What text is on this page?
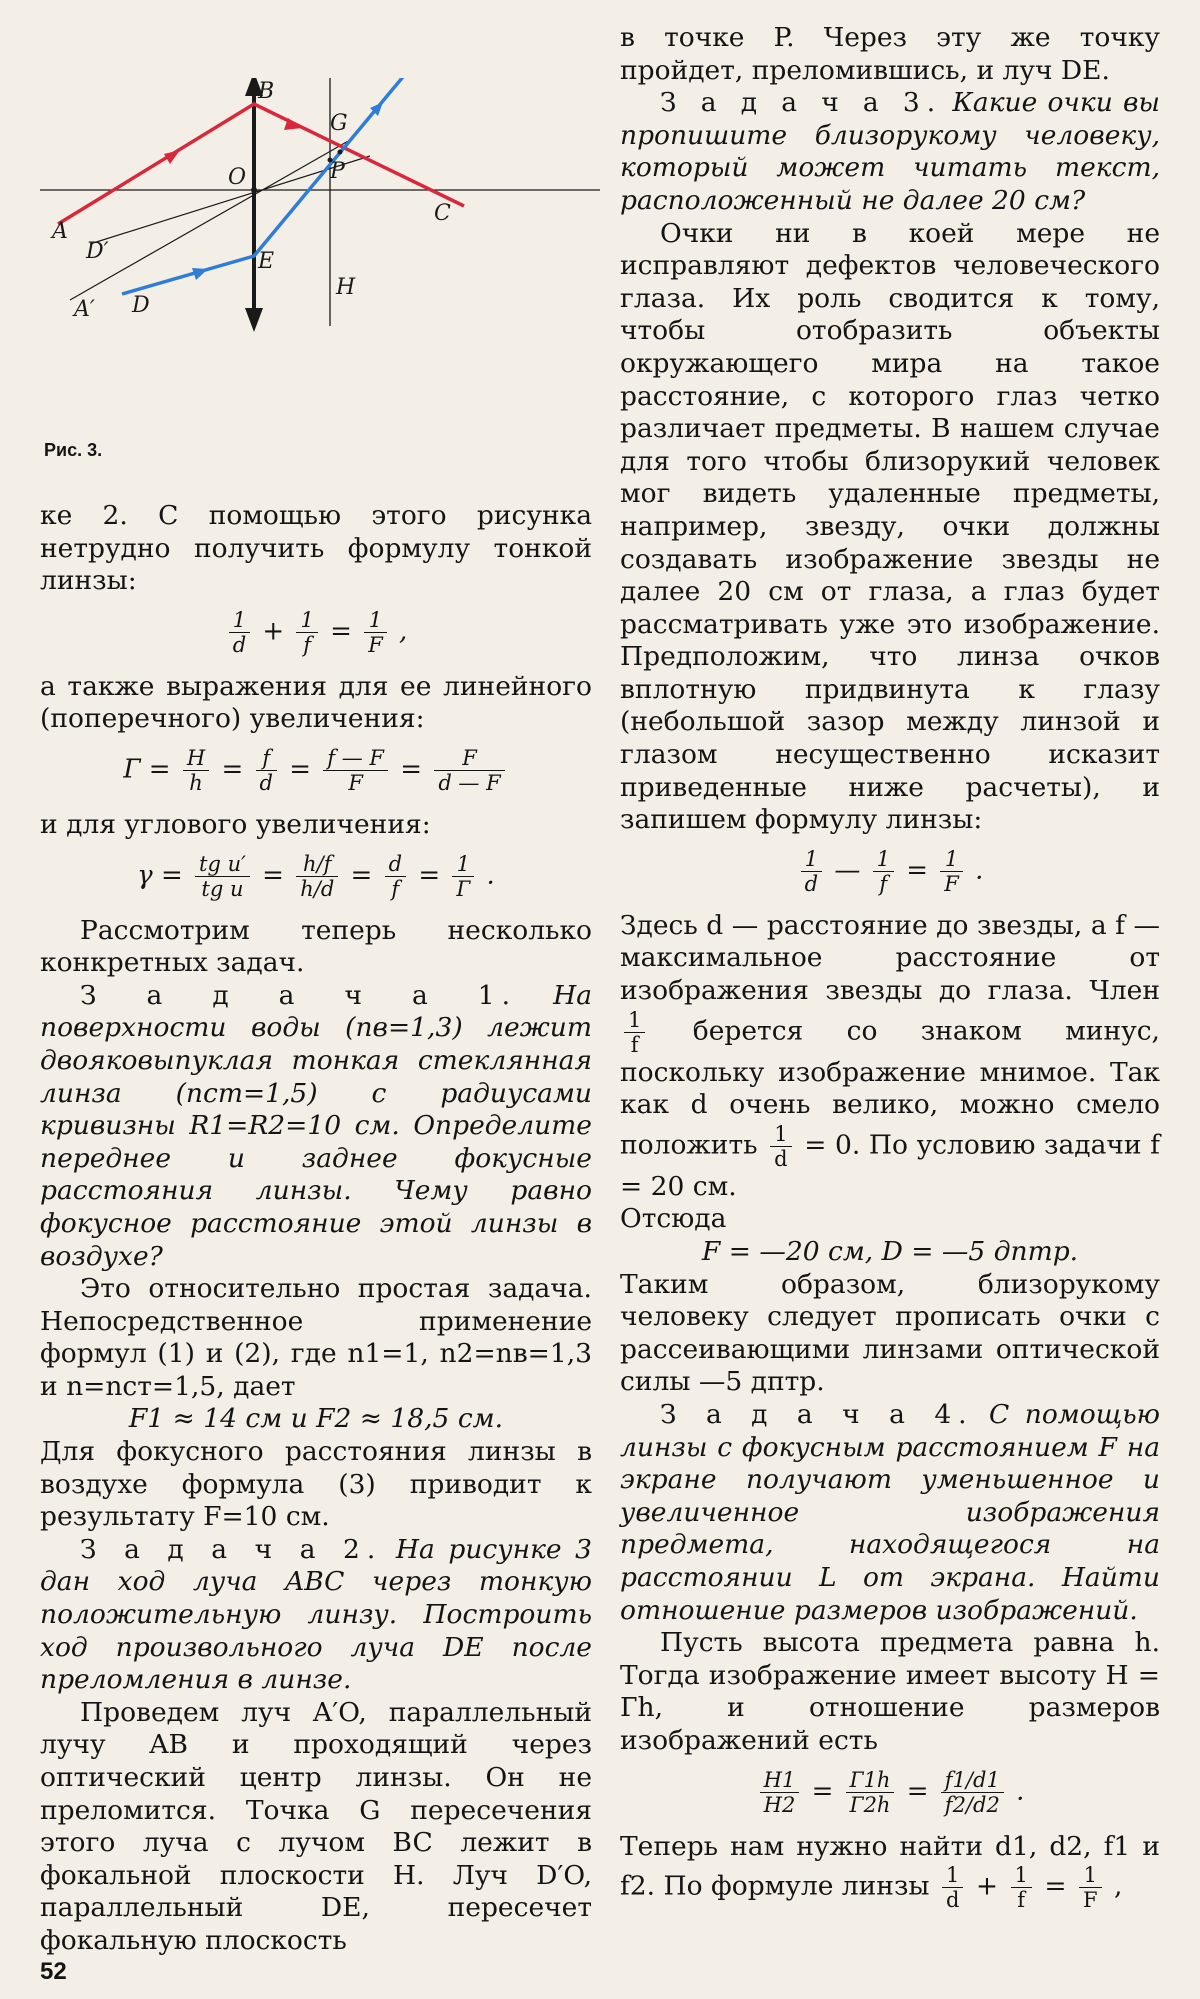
A
B
C
D
D′
A′
O
G
P
E
H
Рис. 3.

ке 2. С помощью этого рисунка нетрудно получить формулу тонкой линзы:

$\frac{1}{d} + \frac{1}{f} = \frac{1}{F}$ ,

а также выражения для ее линейного (поперечного) увеличения:

$Г = \frac{H}{h} = \frac{f}{d} = \frac{f — F}{F} = \frac{F}{d — F}$

и для углового увеличения:

$\gamma = \frac{\text{tg u′}}{\text{tg u}} = \frac{h/f}{h/d} = \frac{d}{f} = \frac{1}{Г}$ .

Рассмотрим теперь несколько конкретных задач.

З а д а ч а 1. На поверхности воды (nв=1,3) лежит двояковыпуклая тонкая стеклянная линза (nст=1,5) с радиусами кривизны R1=R2=10 см. Определите переднее и заднее фокусные расстояния линзы. Чему равно фокусное расстояние этой линзы в воздухе?

Это относительно простая задача. Непосредственное применение формул (1) и (2), где n1=1, n2=nв=1,3 и n=nст=1,5, дает

F1 ≈ 14 см и F2 ≈ 18,5 см.

Для фокусного расстояния линзы в воздухе формула (3) приводит к результату F=10 см.

З а д а ч а 2. На рисунке 3 дан ход луча ABC через тонкую положительную линзу. Построить ход произвольного луча DE после преломления в линзе.

Проведем луч A′O, параллельный лучу AB и проходящий через оптический центр линзы. Он не преломится. Точка G пересечения этого луча с лучом BC лежит в фокальной плоскости H. Луч D′O, параллельный DE, пересечет фокальную плоскость

в точке P. Через эту же точку пройдет, преломившись, и луч DE.

З а д а ч а 3. Какие очки вы пропишите близорукому человеку, который может читать текст, расположенный не далее 20 см?

Очки ни в коей мере не исправляют дефектов человеческого глаза. Их роль сводится к тому, чтобы отобразить объекты окружающего мира на такое расстояние, с которого глаз четко различает предметы. В нашем случае для того чтобы близорукий человек мог видеть удаленные предметы, например, звезду, очки должны создавать изображение звезды не далее 20 см от глаза, а глаз будет рассматривать уже это изображение. Предположим, что линза очков вплотную придвинута к глазу (небольшой зазор между линзой и глазом несущественно исказит приведенные ниже расчеты), и запишем формулу линзы:

$\frac{1}{d}$ — $\frac{1}{f} = \frac{1}{F}$ .

Здесь d — расстояние до звезды, а f — максимальное расстояние от изображения звезды до глаза. Член
$\frac{1}{f}$ берется со знаком минус, поскольку изображение мнимое. Так как d очень велико, можно смело положить $\frac{1}{d} = 0$. По условию задачи f = 20 см.

Отсюда

F = —20 см, D = —5 дптр.

Таким образом, близорукому человеку следует прописать очки с рассеивающими линзами оптической силы —5 дптр.

З а д а ч а 4. С помощью линзы с фокусным расстоянием F на экране получают уменьшенное и увеличенное изображения предмета, находящегося на расстоянии L от экрана. Найти отношение размеров изображений.

Пусть высота предмета равна h. Тогда изображение имеет высоту H = Гh, и отношение размеров изображений есть

$\frac{H1}{H2} = \frac{Г1h}{Г2h} = \frac{f1/d1}{f2/d2}$ .

Теперь нам нужно найти d1, d2, f1 и f2. По формуле линзы $\frac{1}{d} + \frac{1}{f} = \frac{1}{F}$ ,

52
